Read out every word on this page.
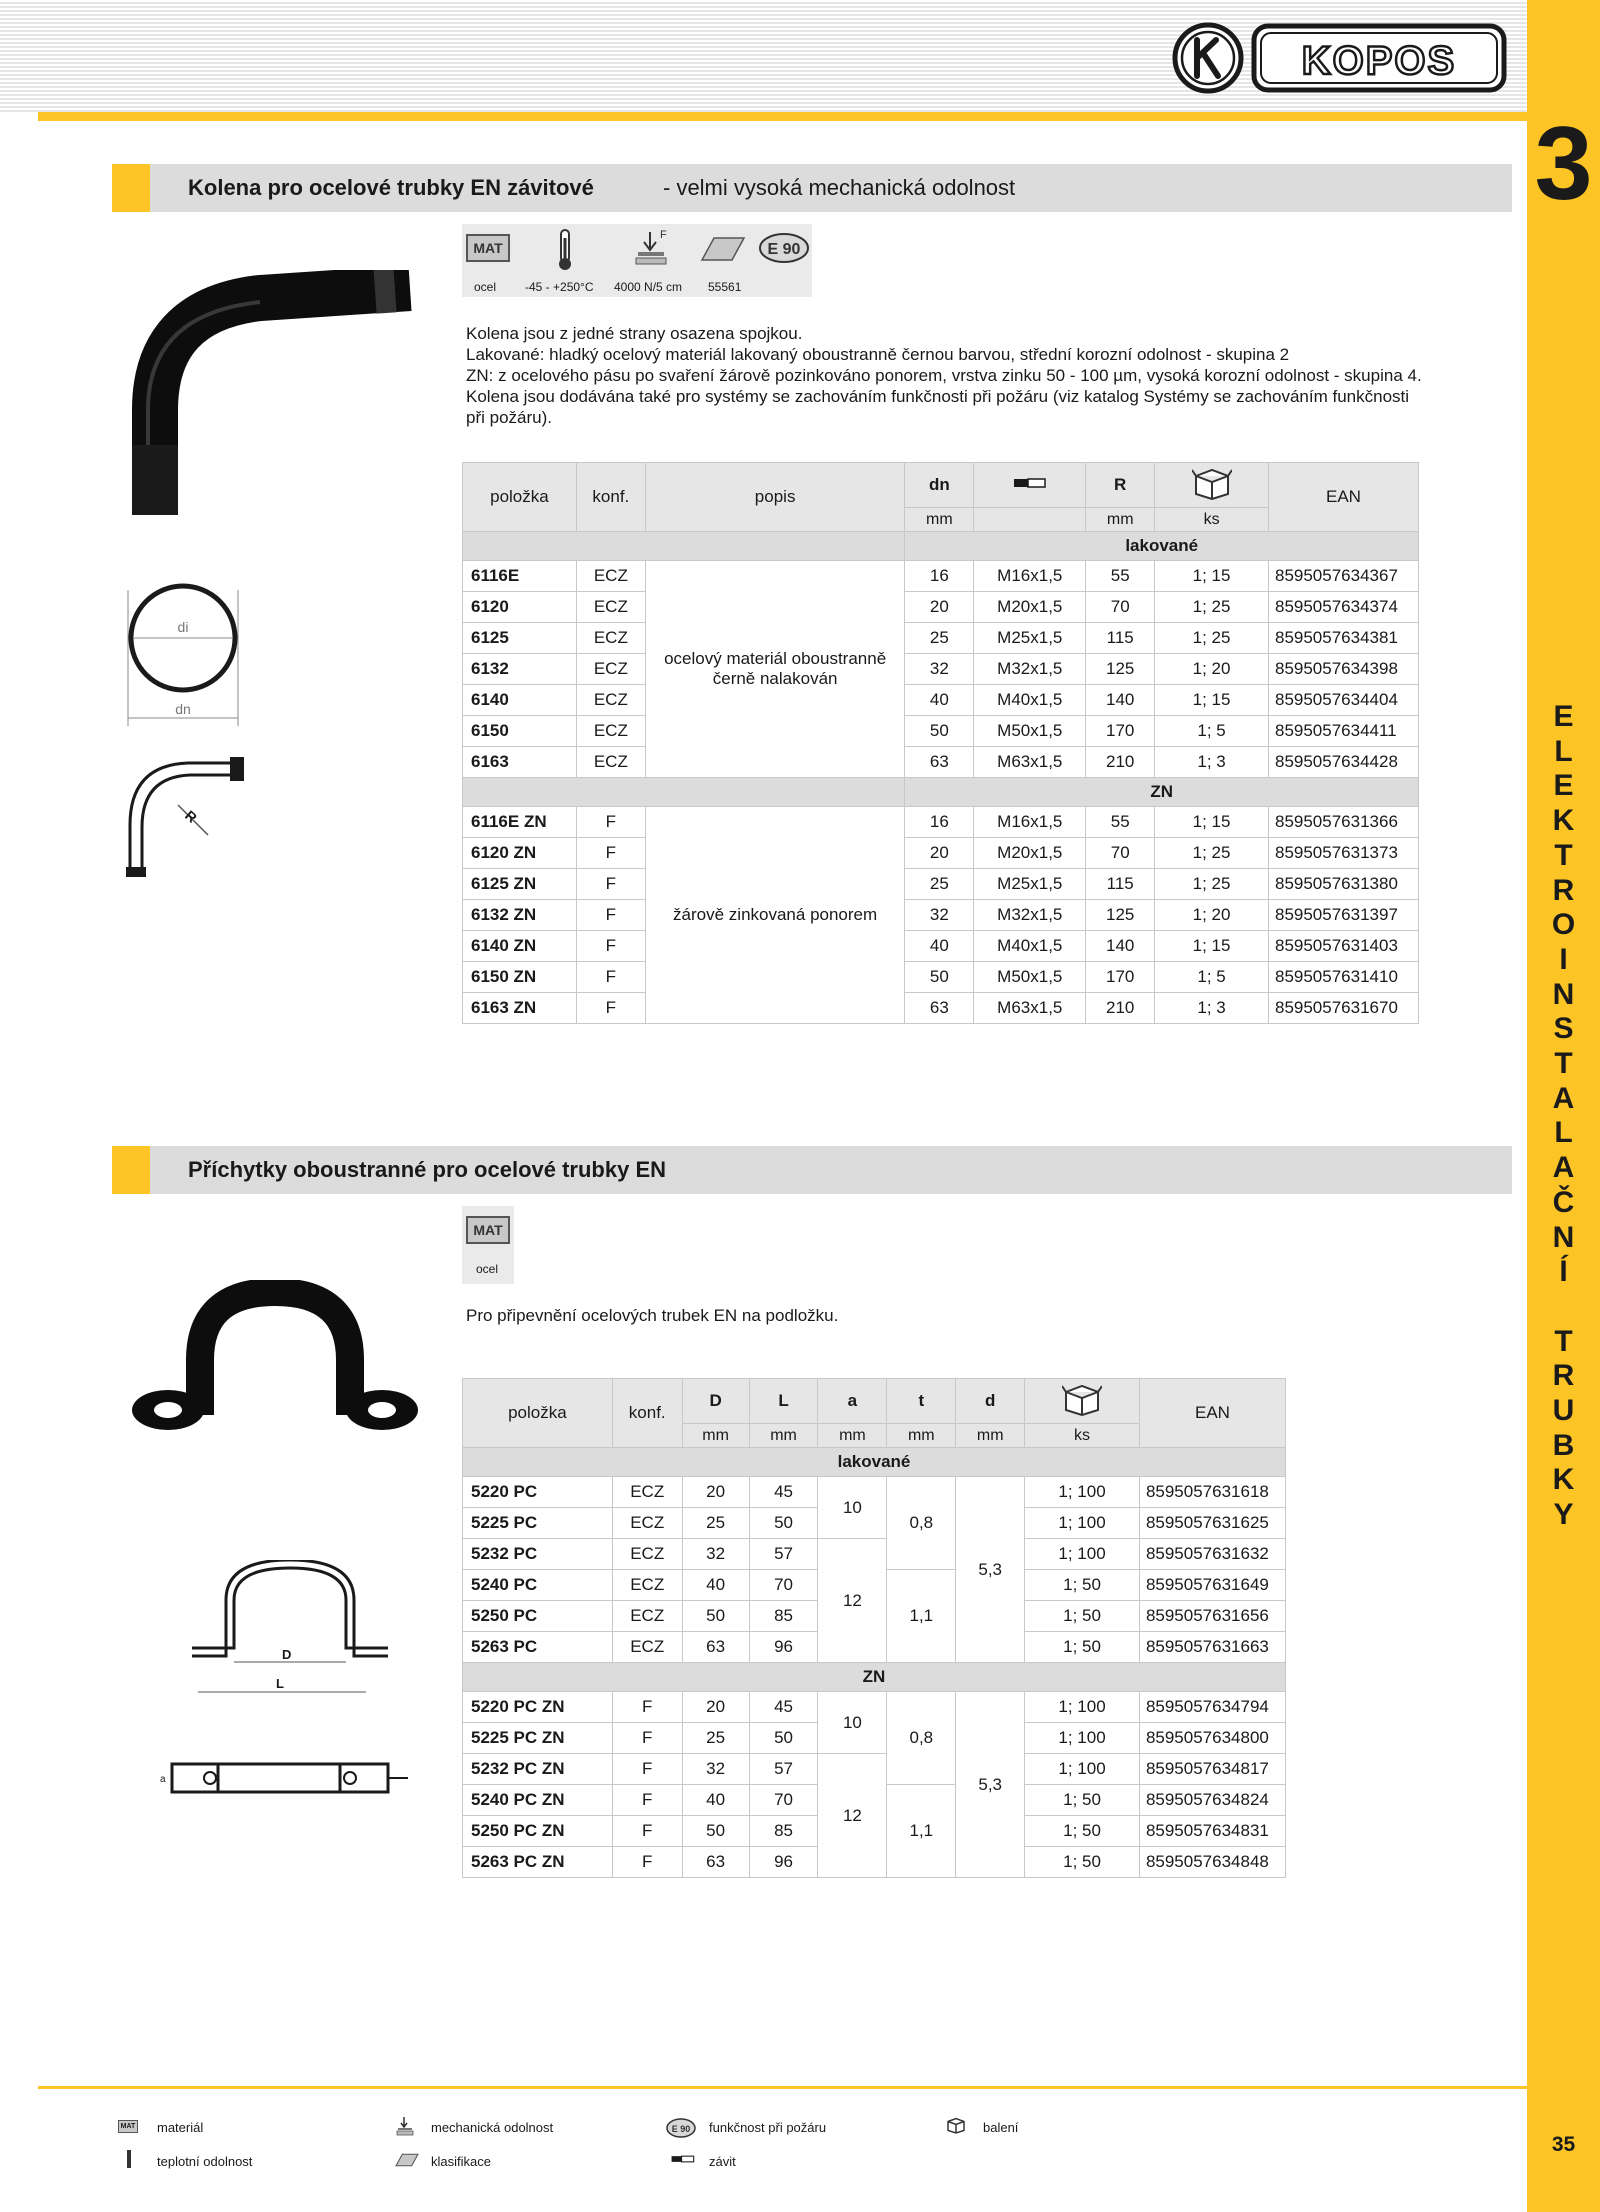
KOPOS
3
E
L
E
K
T
R
O
I
N
S
T
A
L
A
Č
N
Í

T
R
U
B
K
Y
35
Kolena pro ocelové trubky EN závitové	- velmi vysoká mechanická odolnost
di
dn
R
MAT
F
E 90
ocel -45 - +250°C 4000 N/5 cm 55561
Kolena jsou z jedné strany osazena spojkou.
Lakované: hladký ocelový materiál lakovaný oboustranně černou barvou, střední korozní odolnost - skupina 2
ZN: z ocelového pásu po svaření žárově pozinkováno ponorem, vrstva zinku 50 - 100 µm, vysoká korozní odolnost - skupina 4.
Kolena jsou dodávána také pro systémy se zachováním funkčnosti při požáru (viz katalog Systémy se zachováním funkčnosti
při požáru).
položka	konf.	popis	dn		R		EAN
			mm		mm	ks	
			lakované				
6116E	ECZ	ocelový materiál oboustranně černě nalakován	16	M16x1,5	55	1; 15	8595057634367
6120	ECZ		20	M20x1,5	70	1; 25	8595057634374
6125	ECZ		25	M25x1,5	115	1; 25	8595057634381
6132	ECZ		32	M32x1,5	125	1; 20	8595057634398
6140	ECZ		40	M40x1,5	140	1; 15	8595057634404
6150	ECZ		50	M50x1,5	170	1; 5	8595057634411
6163	ECZ		63	M63x1,5	210	1; 3	8595057634428
			ZN				
6116E ZN	F	žárově zinkovaná ponorem	16	M16x1,5	55	1; 15	8595057631366
6120 ZN	F		20	M20x1,5	70	1; 25	8595057631373
6125 ZN	F		25	M25x1,5	115	1; 25	8595057631380
6132 ZN	F		32	M32x1,5	125	1; 20	8595057631397
6140 ZN	F		40	M40x1,5	140	1; 15	8595057631403
6150 ZN	F		50	M50x1,5	170	1; 5	8595057631410
6163 ZN	F		63	M63x1,5	210	1; 3	8595057631670
Příchytky oboustranné pro ocelové trubky EN
D
L
a
MAT
ocel
Pro připevnění ocelových trubek EN na podložku.
položka	konf.	D	L	a	t	d		EAN
		mm	mm	mm	mm	mm	ks	
lakované								
5220 PC	ECZ	20	45	10	0,8	5,3	1; 100	8595057631618
5225 PC	ECZ	25	50				1; 100	8595057631625
5232 PC	ECZ	32	57	12			1; 100	8595057631632
5240 PC	ECZ	40	70		1,1		1; 50	8595057631649
5250 PC	ECZ	50	85				1; 50	8595057631656
5263 PC	ECZ	63	96				1; 50	8595057631663
ZN								
5220 PC ZN	F	20	45	10	0,8	5,3	1; 100	8595057634794
5225 PC ZN	F	25	50				1; 100	8595057634800
5232 PC ZN	F	32	57	12			1; 100	8595057634817
5240 PC ZN	F	40	70		1,1		1; 50	8595057634824
5250 PC ZN	F	50	85				1; 50	8595057634831
5263 PC ZN	F	63	96				1; 50	8595057634848
MAT materiál	mechanická odolnost	E 90 funkčnost při požáru	balení
teplotní odolnost	klasifikace	závit
